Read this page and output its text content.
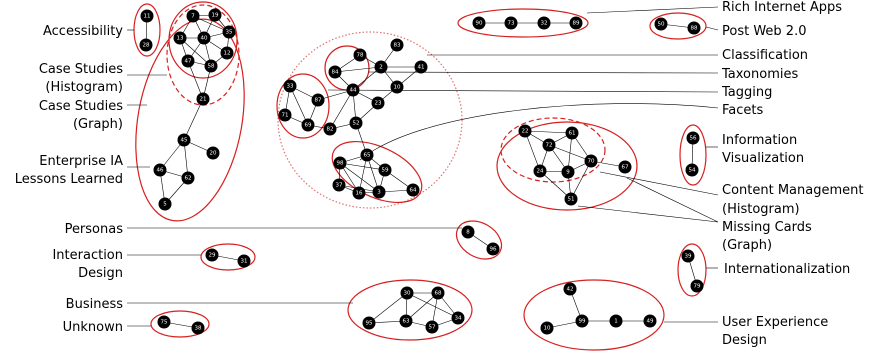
11
28
7	19
13	40
35
12
47
58
21
45
20
46
62
5
83
78
84
2	41
44	10
33
87	23
71
69
82
52
65
98
59
37
16	3	64
90	73	32	89	50
88
22	61
72
70
24	9
67
51
56
54
8
96
29
31
39
79
30	68
95	63
57
34
75
38
42
10
99	1	49
Accessibility
Case Studies
(Histogram)
Case Studies
(Graph)
Enterprise IA
Lessons Learned
Personas
Interaction
Design
Business
Unknown
Rich Internet Apps
Post Web 2.0
Classification
Taxonomies
Tagging
Facets
Information
Visualization
Content Management
(Histogram)
Missing Cards
(Graph)
Internationalization
User Experience
Design
